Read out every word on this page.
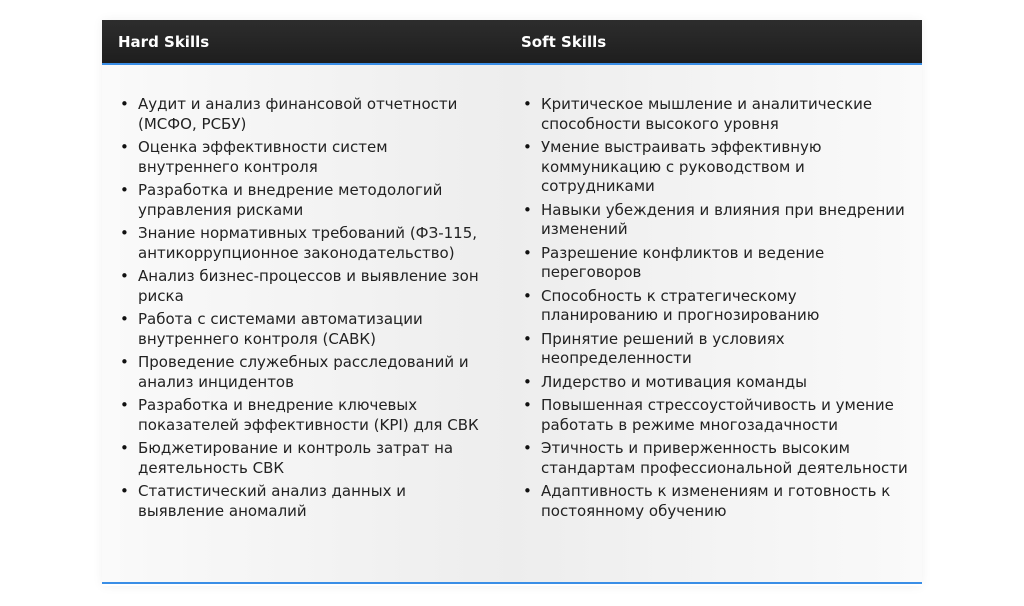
Hard Skills	Soft Skills
• Аудит и анализ финансовой отчетности (МСФО, РСБУ)
• Оценка эффективности систем внутреннего контроля
• Разработка и внедрение методологий управления рисками
• Знание нормативных требований (ФЗ-115, антикоррупционное законодательство)
• Анализ бизнес-процессов и выявление зон риска
• Работа с системами автоматизации внутреннего контроля (САВК)
• Проведение служебных расследований и анализ инцидентов
• Разработка и внедрение ключевых показателей эффективности (KPI) для СВК
• Бюджетирование и контроль затрат на деятельность СВК
• Статистический анализ данных и выявление аномалий
• Критическое мышление и аналитические способности высокого уровня
• Умение выстраивать эффективную коммуникацию с руководством и сотрудниками
• Навыки убеждения и влияния при внедрении изменений
• Разрешение конфликтов и ведение переговоров
• Способность к стратегическому планированию и прогнозированию
• Принятие решений в условиях неопределенности
• Лидерство и мотивация команды
• Повышенная стрессоустойчивость и умение работать в режиме многозадачности
• Этичность и приверженность высоким стандартам профессиональной деятельности
• Адаптивность к изменениям и готовность к постоянному обучению
